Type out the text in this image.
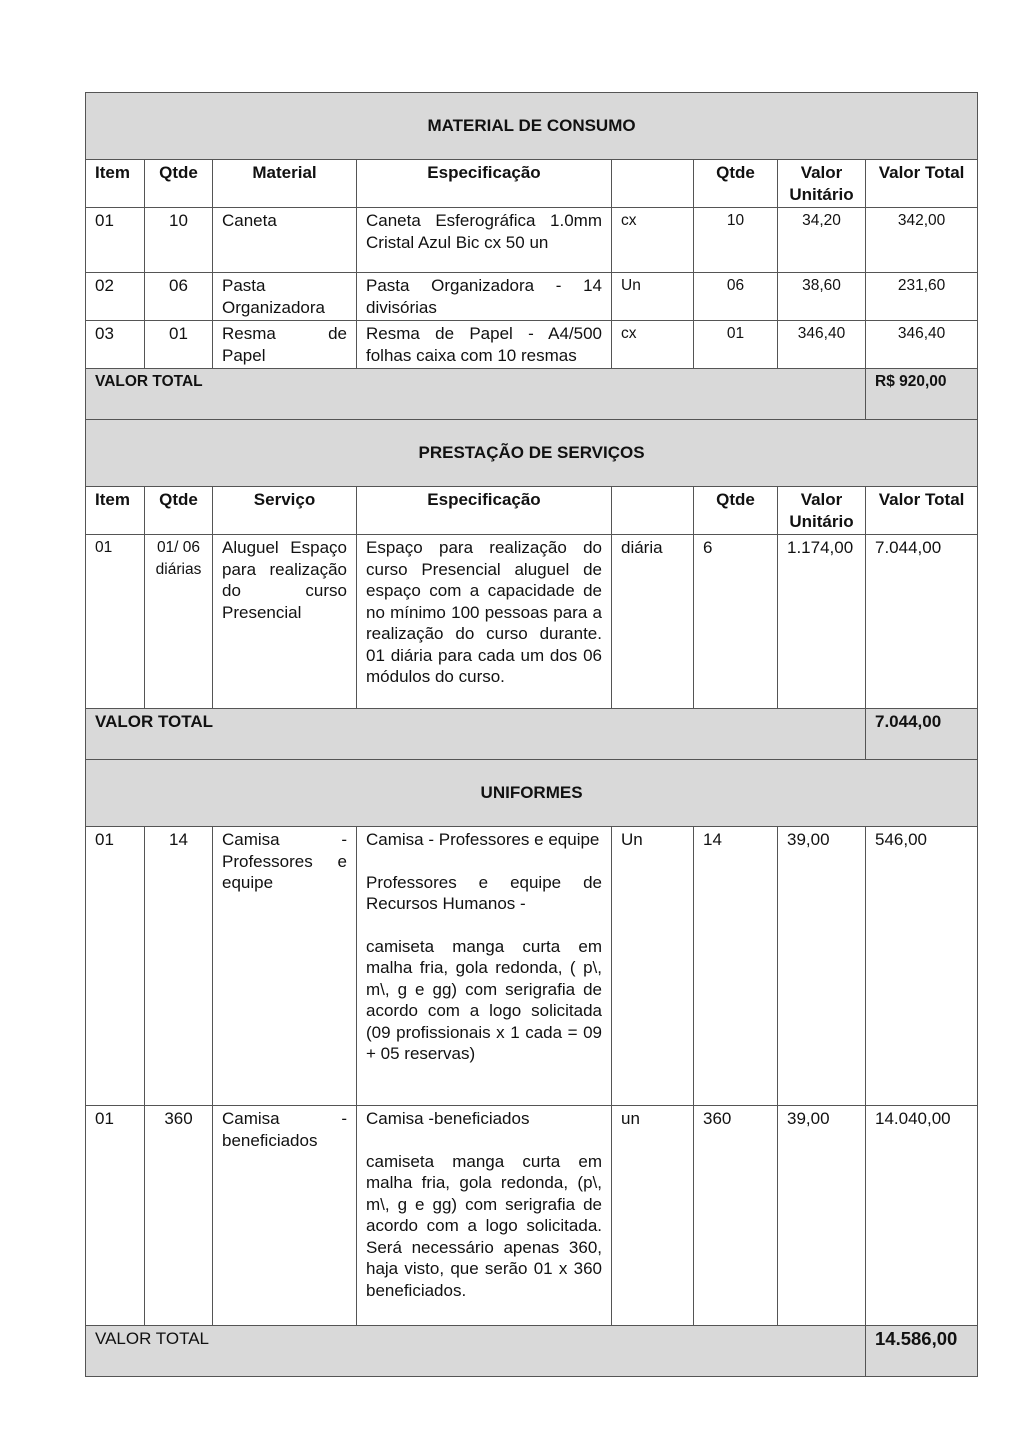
MATERIAL DE CONSUMO							
Item	Qtde	Material	Especificação		Qtde	Valor Unitário	Valor Total
01	10	Caneta	Caneta Esferográfica 1.0mm Cristal Azul Bic cx 50 un	cx	10	34,20	342,00
02	06	Pasta Organizadora	Pasta Organizadora - 14 divisórias	Un	06	38,60	231,60
03	01	Resma de Papel	Resma de Papel - A4/500 folhas caixa com 10 resmas	cx	01	346,40	346,40
VALOR TOTAL							R$ 920,00
PRESTAÇÃO DE SERVIÇOS							
Item	Qtde	Serviço	Especificação		Qtde	Valor Unitário	Valor Total
01	01/ 06 diárias	Aluguel Espaço para realização do curso Presencial	Espaço para realização do curso Presencial aluguel de espaço com a capacidade de no mínimo 100 pessoas para a realização do curso durante. 01 diária para cada um dos 06 módulos do curso.	diária	6	1.174,00	7.044,00
VALOR TOTAL							7.044,00
UNIFORMES							
01	14	Camisa - Professores e equipe	Camisa - Professores e equipe

Professores e equipe de Recursos Humanos -

camiseta manga curta em malha fria, gola redonda, ( p\, m\, g e gg) com serigrafia de acordo com a logo solicitada (09 profissionais x 1 cada = 09 + 05 reservas)	Un	14	39,00	546,00
01	360	Camisa - beneficiados	Camisa -beneficiados

camiseta manga curta em malha fria, gola redonda, (p\, m\, g e gg) com serigrafia de acordo com a logo solicitada. Será necessário apenas 360, haja visto, que serão 01 x 360 beneficiados.	un	360	39,00	14.040,00
VALOR TOTAL							14.586,00
